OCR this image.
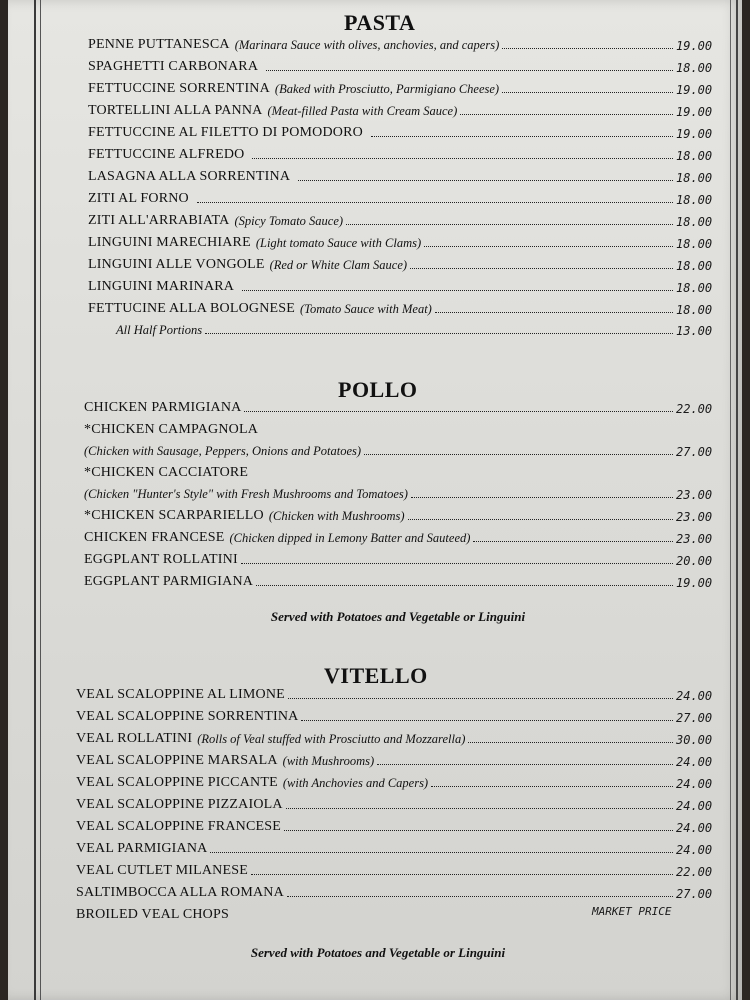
PASTA
PENNE PUTTANESCA (Marinara Sauce with olives, anchovies, and capers)	19.00
SPAGHETTI CARBONARA	18.00
FETTUCCINE SORRENTINA (Baked with Prosciutto, Parmigiano Cheese)	19.00
TORTELLINI ALLA PANNA (Meat-filled Pasta with Cream Sauce)	19.00
FETTUCCINE AL FILETTO DI POMODORO	19.00
FETTUCCINE ALFREDO	18.00
LASAGNA ALLA SORRENTINA	18.00
ZITI AL FORNO	18.00
ZITI ALL'ARRABIATA (Spicy Tomato Sauce)	18.00
LINGUINI MARECHIARE (Light tomato Sauce with Clams)	18.00
LINGUINI ALLE VONGOLE (Red or White Clam Sauce)	18.00
LINGUINI MARINARA	18.00
FETTUCINE ALLA BOLOGNESE (Tomato Sauce with Meat)	18.00
All Half Portions	13.00
POLLO
CHICKEN PARMIGIANA	22.00
*CHICKEN CAMPAGNOLA
(Chicken with Sausage, Peppers, Onions and Potatoes)	27.00
*CHICKEN CACCIATORE
(Chicken "Hunter's Style" with Fresh Mushrooms and Tomatoes)	23.00
*CHICKEN SCARPARIELLO (Chicken with Mushrooms)	23.00
CHICKEN FRANCESE (Chicken dipped in Lemony Batter and Sauteed)	23.00
EGGPLANT ROLLATINI	20.00
EGGPLANT PARMIGIANA	19.00
Served with Potatoes and Vegetable or Linguini
VITELLO
VEAL SCALOPPINE AL LIMONE	24.00
VEAL SCALOPPINE SORRENTINA	27.00
VEAL ROLLATINI (Rolls of Veal stuffed with Prosciutto and Mozzarella)	30.00
VEAL SCALOPPINE MARSALA (with Mushrooms)	24.00
VEAL SCALOPPINE PICCANTE (with Anchovies and Capers)	24.00
VEAL SCALOPPINE PIZZAIOLA	24.00
VEAL SCALOPPINE FRANCESE	24.00
VEAL PARMIGIANA	24.00
VEAL CUTLET MILANESE	22.00
SALTIMBOCCA ALLA ROMANA	27.00
BROILED VEAL CHOPS	MARKET PRICE
Served with Potatoes and Vegetable or Linguini
